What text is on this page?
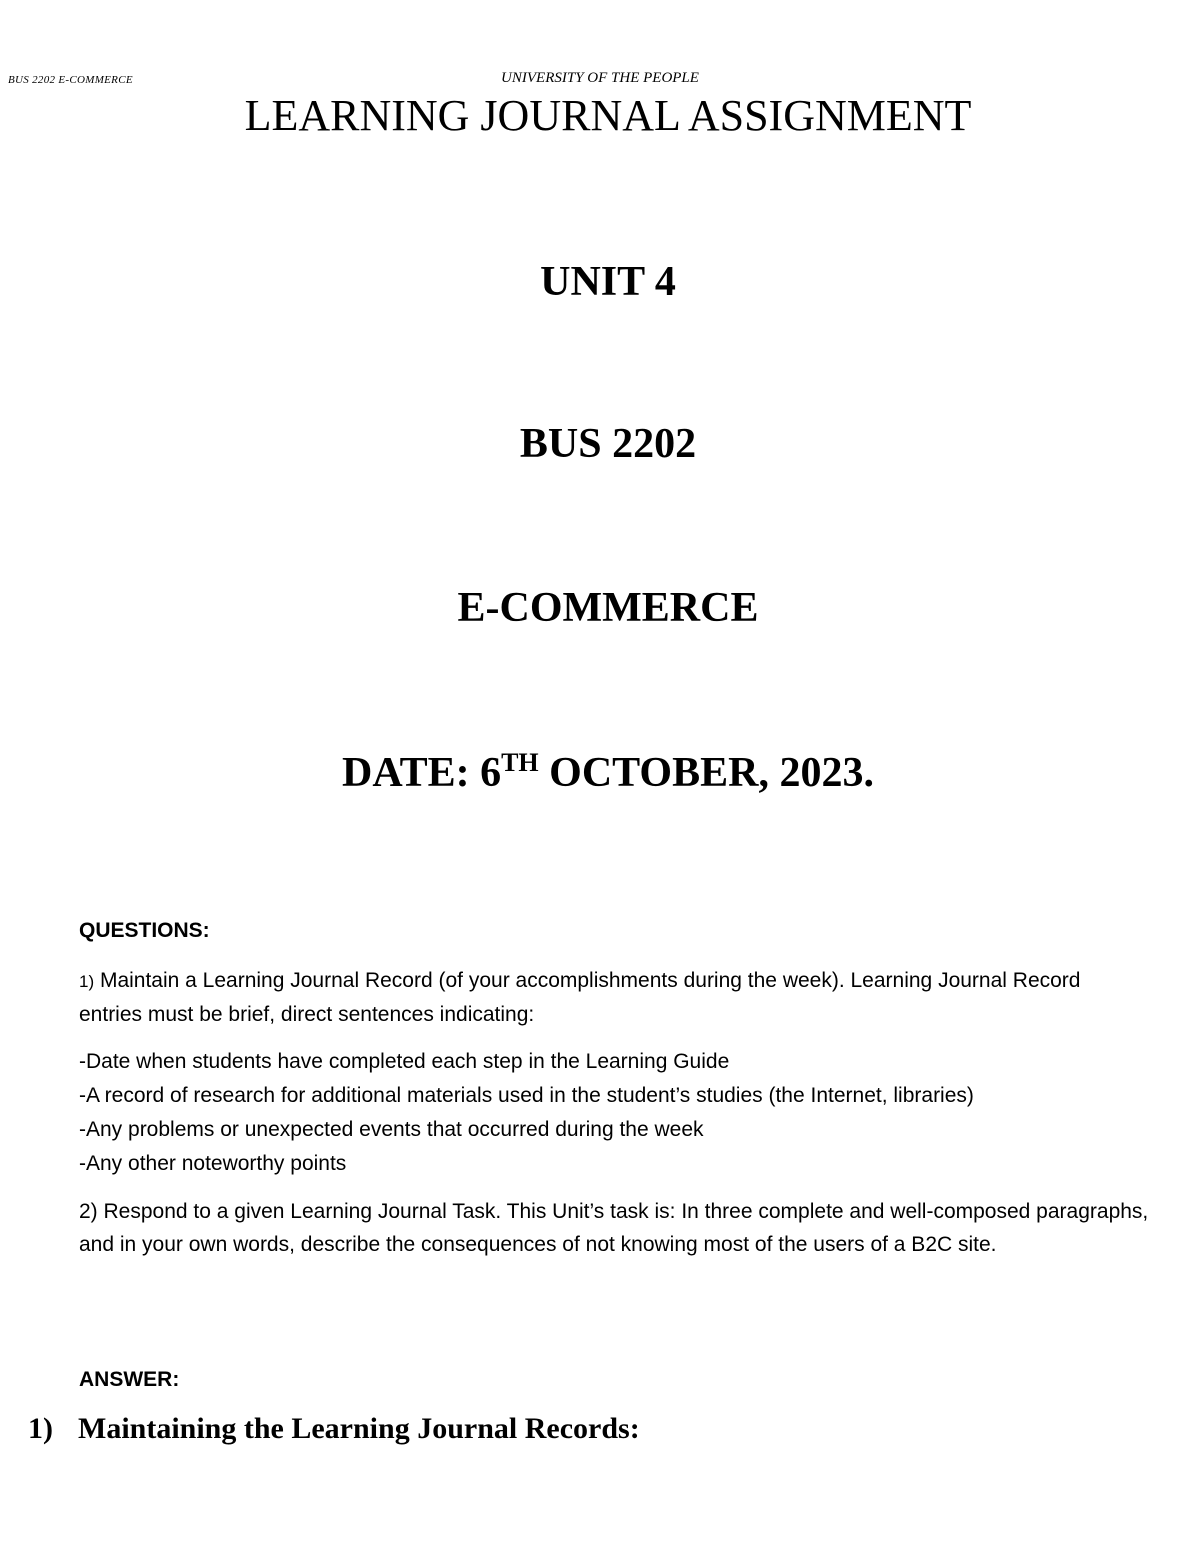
BUS 2202 E-COMMERCE	UNIVERSITY OF THE PEOPLE
LEARNING JOURNAL ASSIGNMENT
UNIT 4
BUS 2202
E-COMMERCE
DATE: 6TH OCTOBER, 2023.
QUESTIONS:
1) Maintain a Learning Journal Record (of your accomplishments during the week). Learning Journal Record entries must be brief, direct sentences indicating:
-Date when students have completed each step in the Learning Guide
-A record of research for additional materials used in the student’s studies (the Internet, libraries)
-Any problems or unexpected events that occurred during the week
-Any other noteworthy points
2) Respond to a given Learning Journal Task. This Unit’s task is: In three complete and well-composed paragraphs, and in your own words, describe the consequences of not knowing most of the users of a B2C site.
ANSWER:
1) Maintaining the Learning Journal Records:
